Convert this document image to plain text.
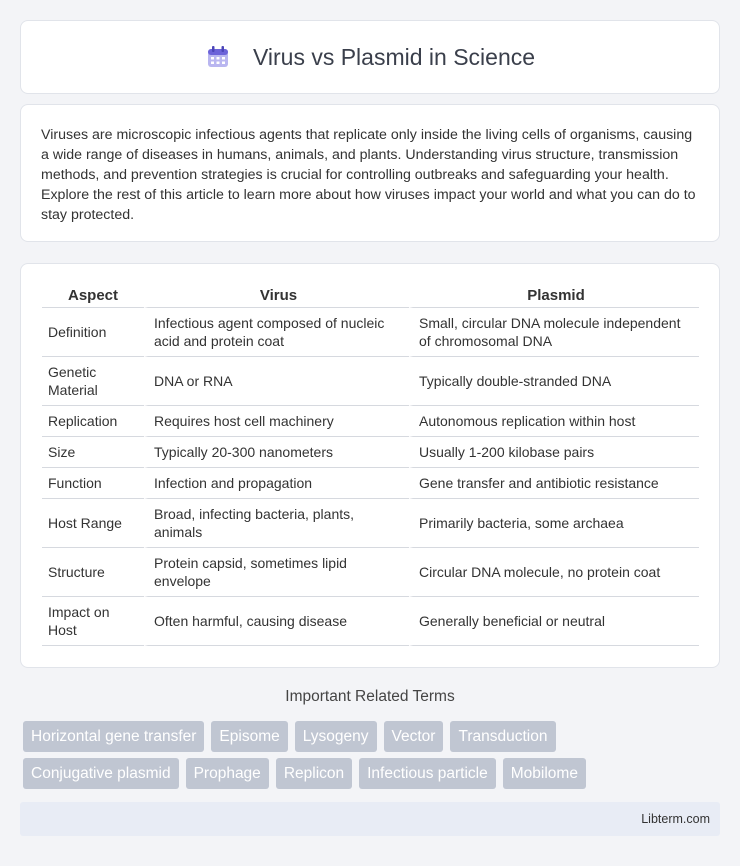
Virus vs Plasmid in Science

Viruses are microscopic infectious agents that replicate only inside the living cells of organisms, causing a wide range of diseases in humans, animals, and plants. Understanding virus structure, transmission methods, and prevention strategies is crucial for controlling outbreaks and safeguarding your health. Explore the rest of this article to learn more about how viruses impact your world and what you can do to stay protected.

Aspect	Virus	Plasmid
Definition	Infectious agent composed of nucleic acid and protein coat	Small, circular DNA molecule independent of chromosomal DNA
Genetic Material	DNA or RNA	Typically double-stranded DNA
Replication	Requires host cell machinery	Autonomous replication within host
Size	Typically 20-300 nanometers	Usually 1-200 kilobase pairs
Function	Infection and propagation	Gene transfer and antibiotic resistance
Host Range	Broad, infecting bacteria, plants, animals	Primarily bacteria, some archaea
Structure	Protein capsid, sometimes lipid envelope	Circular DNA molecule, no protein coat
Impact on Host	Often harmful, causing disease	Generally beneficial or neutral
Important Related Terms
Horizontal gene transfer	Episome	Lysogeny	Vector	Transduction
Conjugative plasmid	Prophage	Replicon	Infectious particle	Mobilome
Libterm.com
